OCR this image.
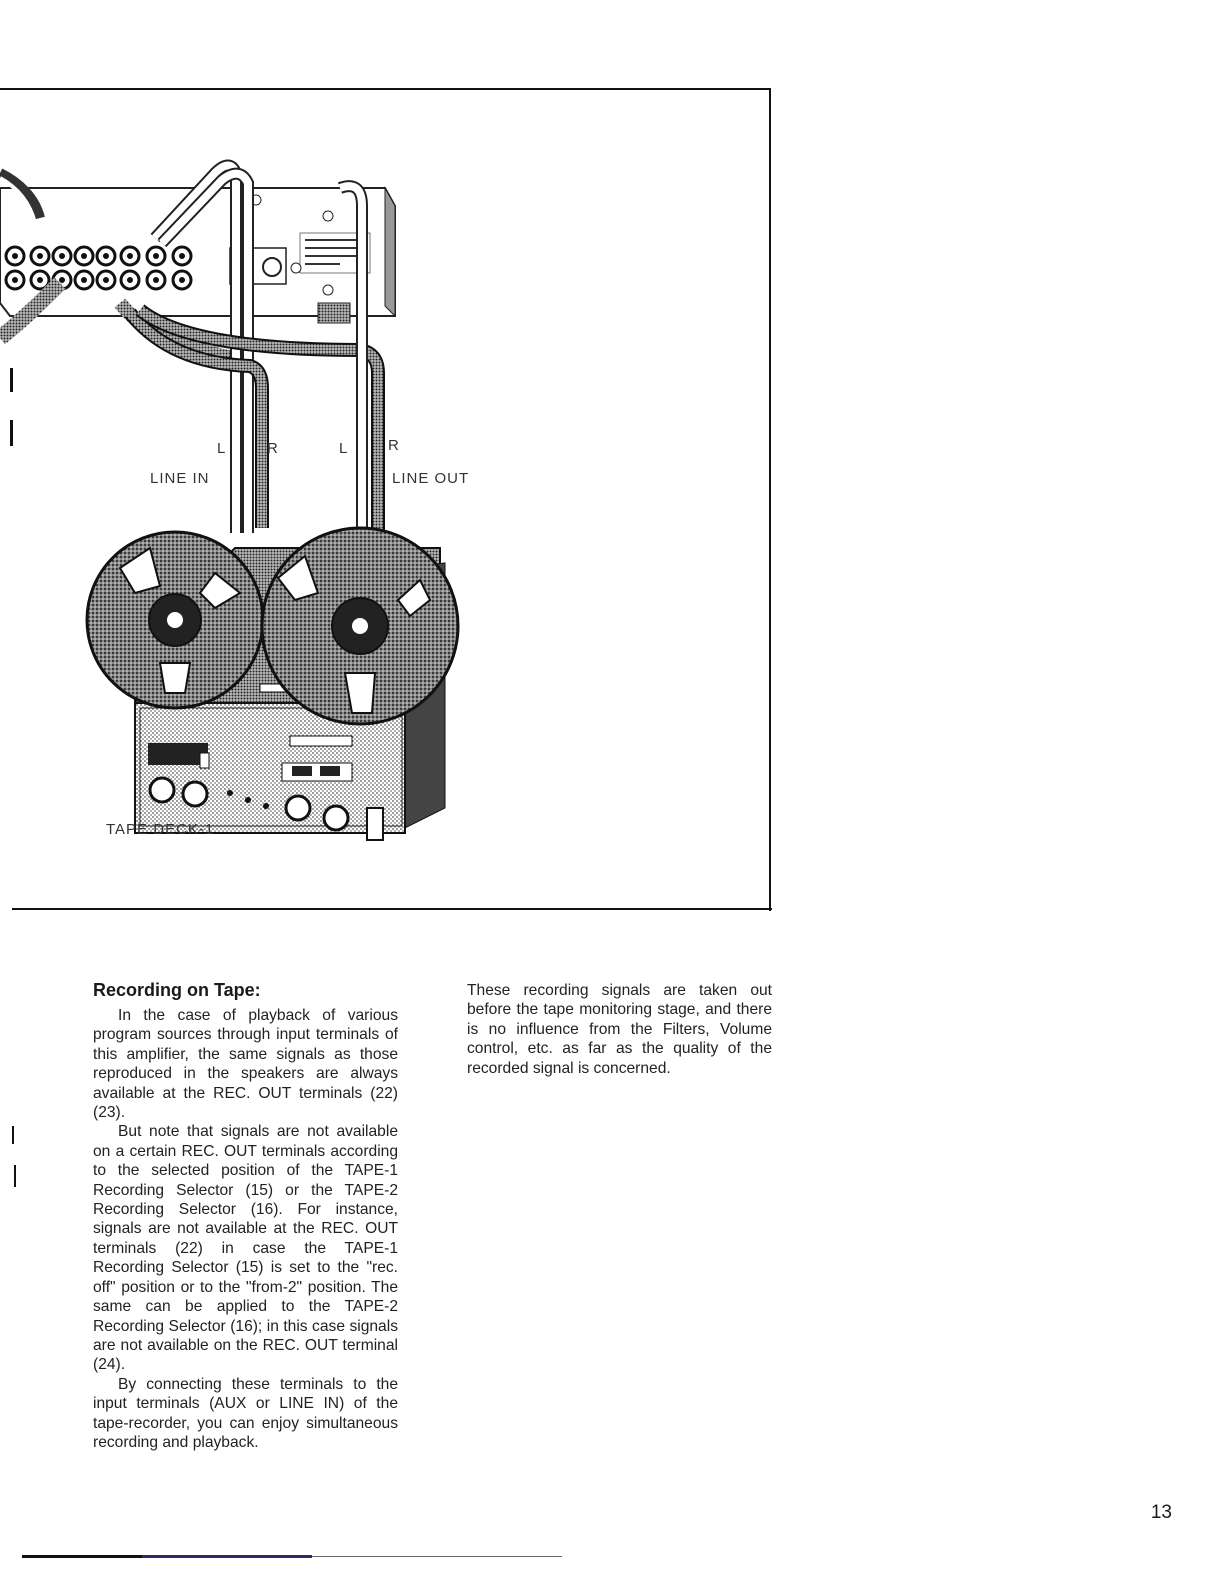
L	R	L	R
LINE IN	LINE OUT
TAPE DECK-1
Recording on Tape:

In the case of playback of various program sources through input terminals of this amplifier, the same signals as those reproduced in the speakers are always available at the REC. OUT terminals (22) (23).

But note that signals are not available on a certain REC. OUT terminals according to the selected position of the TAPE-1 Recording Selector (15) or the TAPE-2 Recording Selector (16). For instance, signals are not available at the REC. OUT terminals (22) in case the TAPE-1 Recording Selector (15) is set to the "rec. off" position or to the "from-2" position. The same can be applied to the TAPE-2 Recording Selector (16); in this case signals are not available on the REC. OUT terminal (24).

By connecting these terminals to the input terminals (AUX or LINE IN) of the tape-recorder, you can enjoy simultaneous recording and playback.

These recording signals are taken out before the tape monitoring stage, and there is no influence from the Filters, Volume control, etc. as far as the quality of the recorded signal is concerned.

13
